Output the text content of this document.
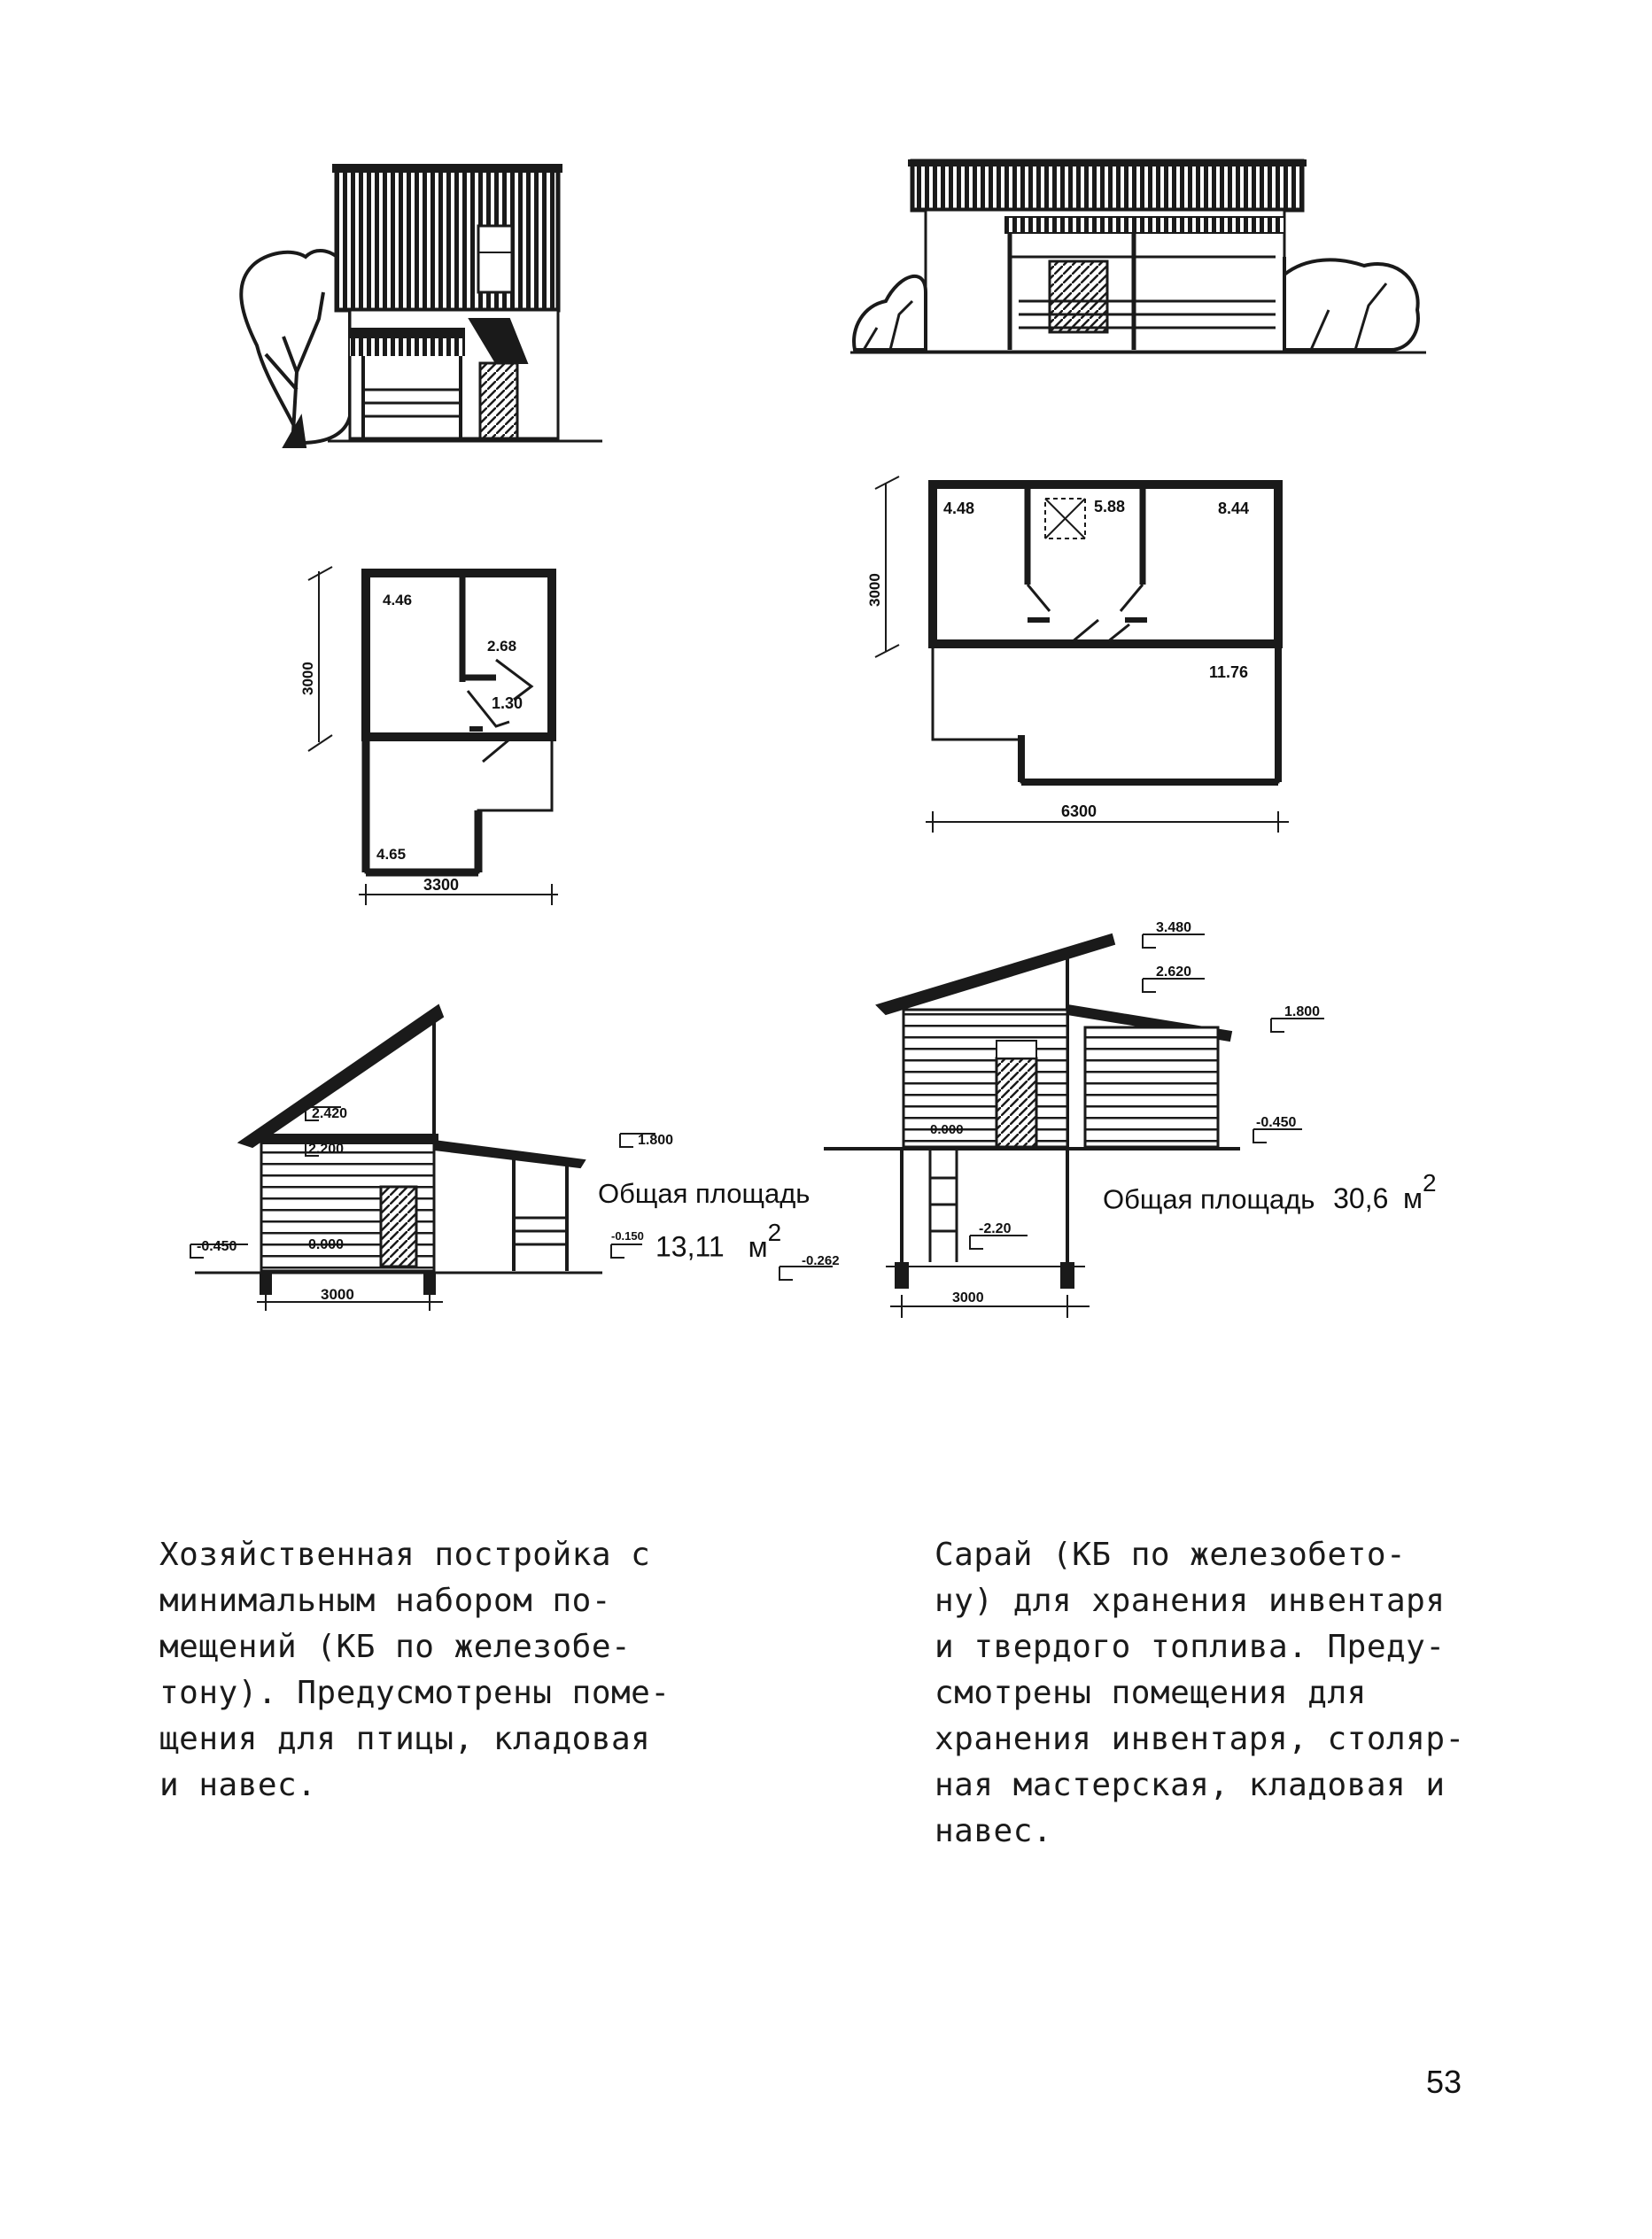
4.46
2.68
1.30
4.65
3300
3000
4.48	5.88	8.44
11.76
6300
3000
2.420
2.200
0.000
-0.450
1.800
-0.150
-0.262
3000
3.480
2.620
1.800
0.000	-0.450
-2.20
3000
Общая площадь
13,11 $м^2$
Общая площадь 30,6 $м^2$
Хозяйственная постройка с
минимальным набором по-
мещений (КБ по железобе-
тону). Предусмотрены поме-
щения для птицы, кладовая
и навес.
Сарай (КБ по железобето-
ну) для хранения инвентаря
и твердого топлива. Преду-
смотрены помещения для
хранения инвентаря, столяр-
ная мастерская, кладовая и
навес.
53
